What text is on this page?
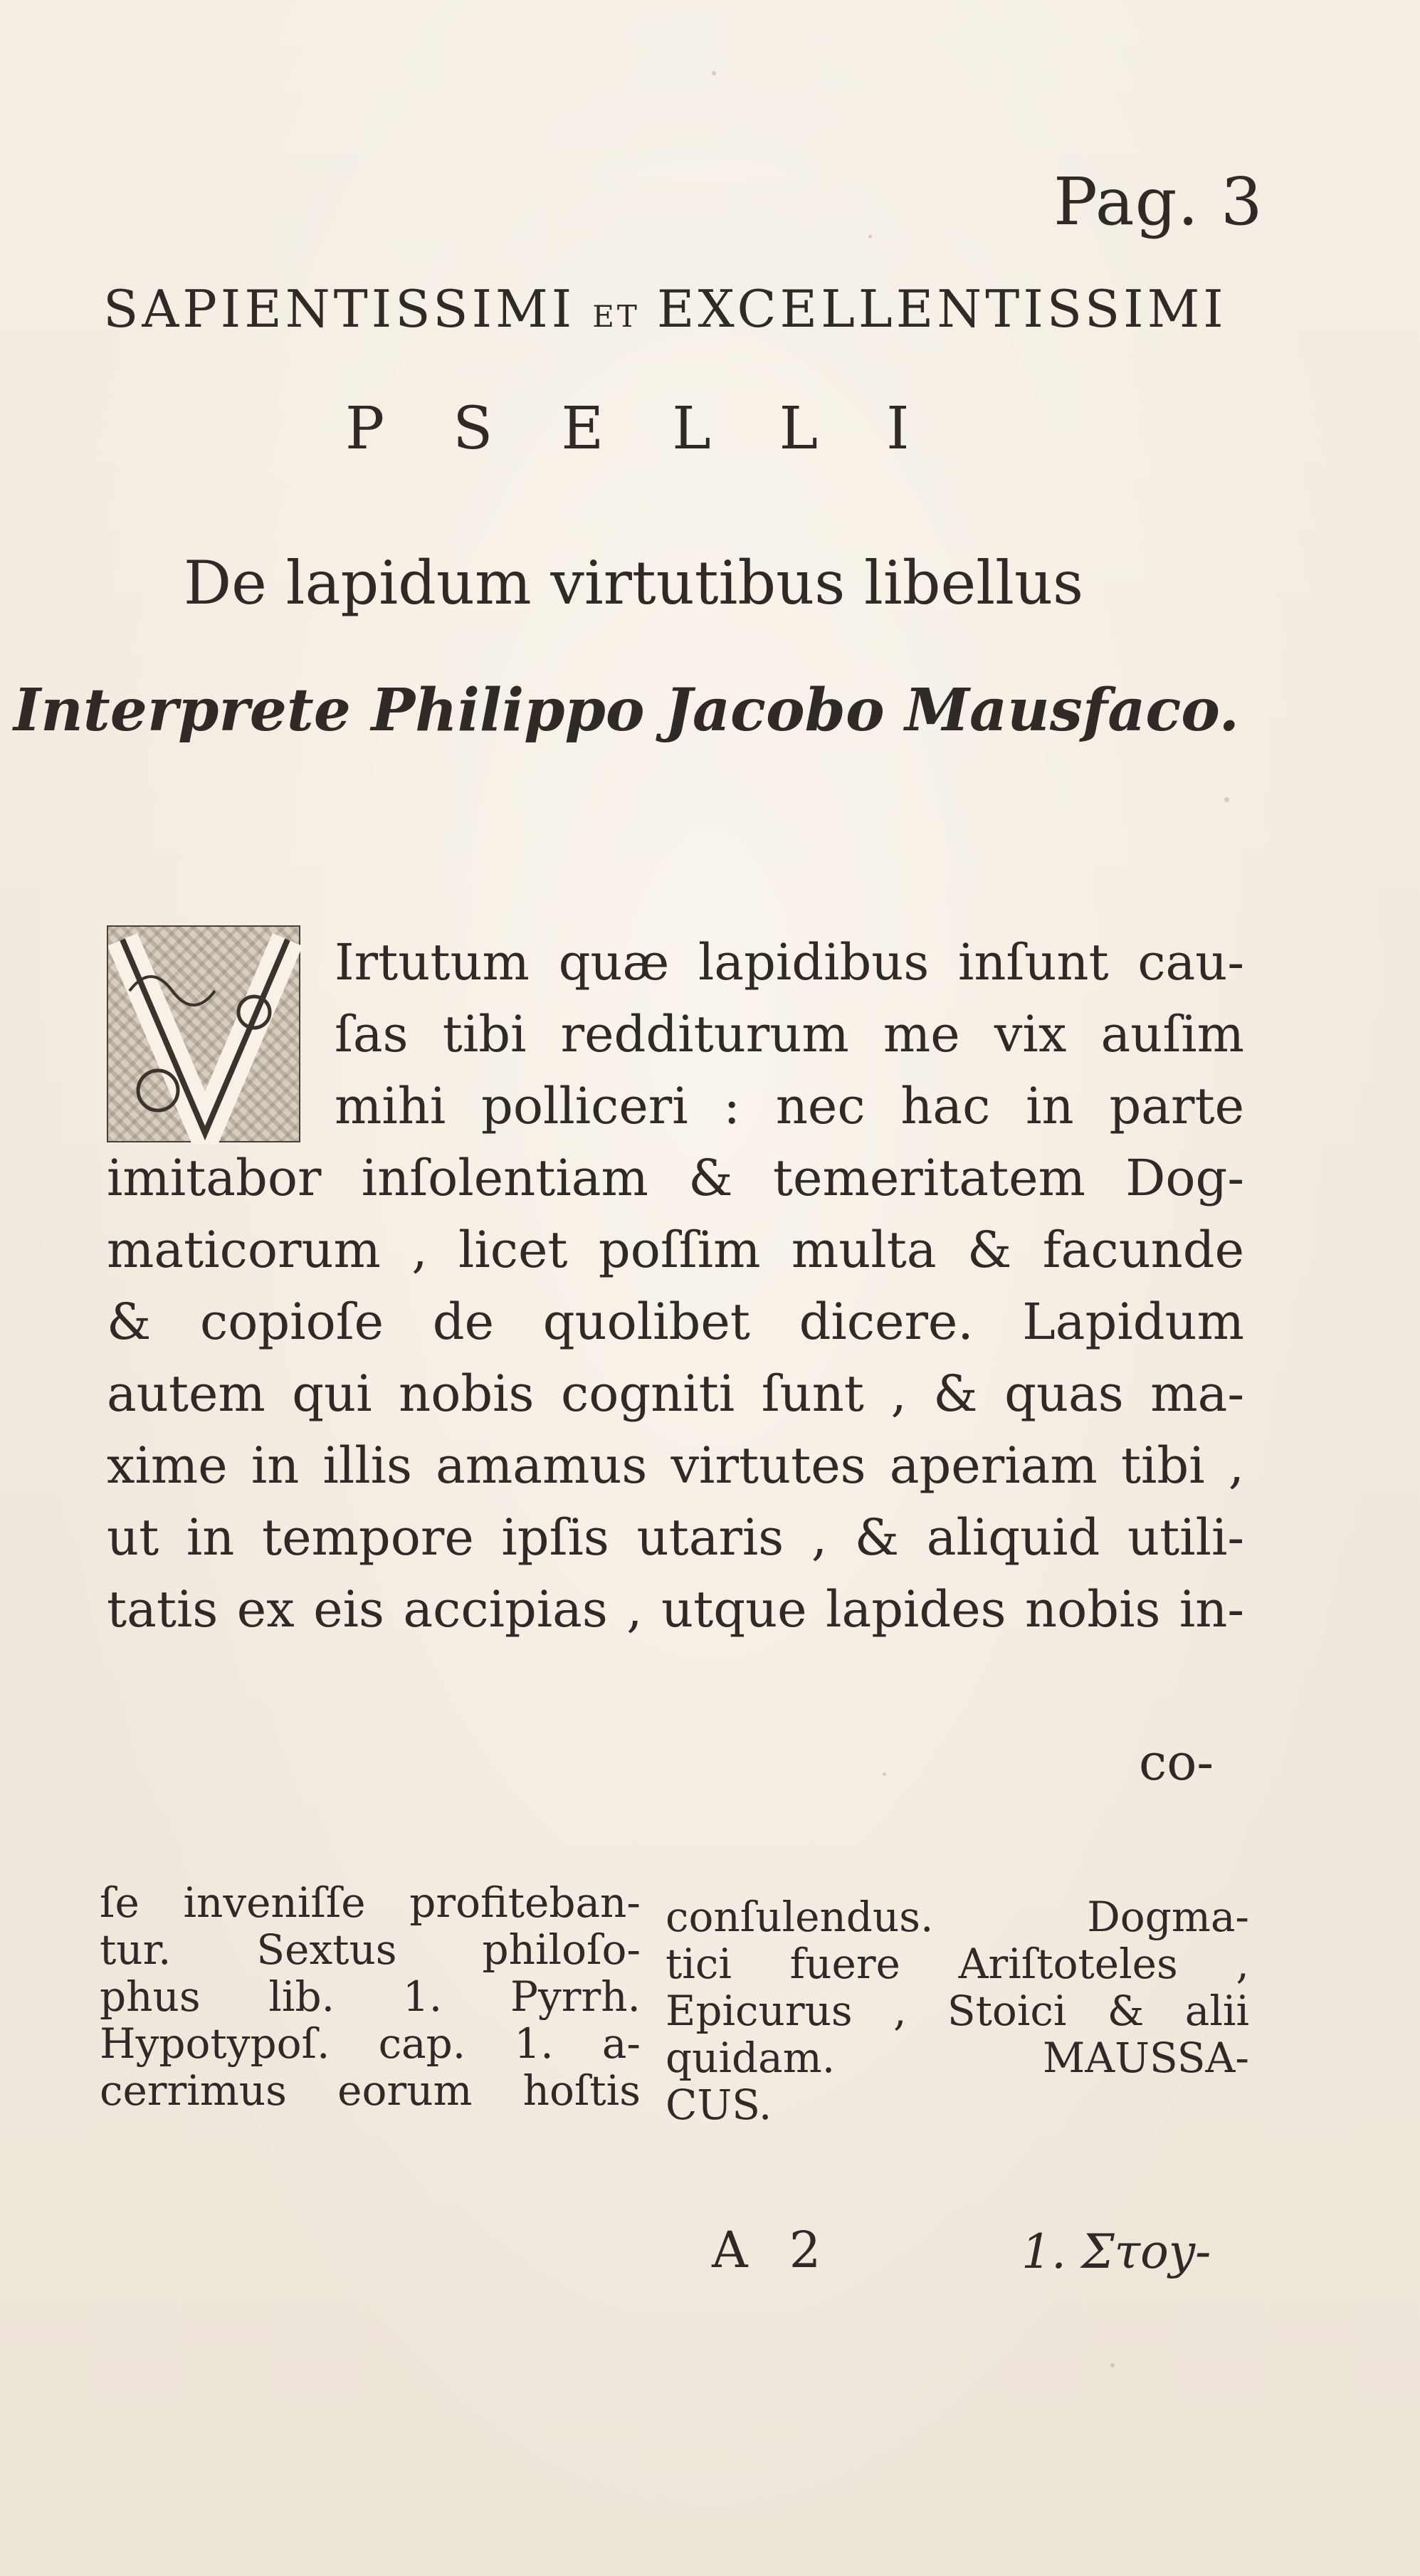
Pag. 3
SAPIENTISSIMI ET EXCELLENTISSIMI
PSELLI
De lapidum virtutibus libellus
Interprete Philippo Jacobo Mausfaco.
Irtutum quæ lapidibus inſunt cau-
ſas tibi redditurum me vix auſim
mihi polliceri : nec hac in parte
imitabor inſolentiam & temeritatem Dog-
maticorum , licet poſſim multa & facunde
& copioſe de quolibet dicere. Lapidum
autem qui nobis cogniti ſunt , & quas ma-
xime in illis amamus virtutes aperiam tibi ,
ut in tempore ipſis utaris , & aliquid utili-
tatis ex eis accipias , utque lapides nobis in-
co-
ſe inveniſſe profiteban-
tur. Sextus philoſo-
phus lib. 1. Pyrrh.
Hypotypoſ. cap. 1. a-
cerrimus eorum hoſtis
conſulendus. Dogma-
tici fuere Ariſtoteles ,
Epicurus , Stoici & alii
quidam. MAUSSA-
CUS.
A 2	1. Στοy-
